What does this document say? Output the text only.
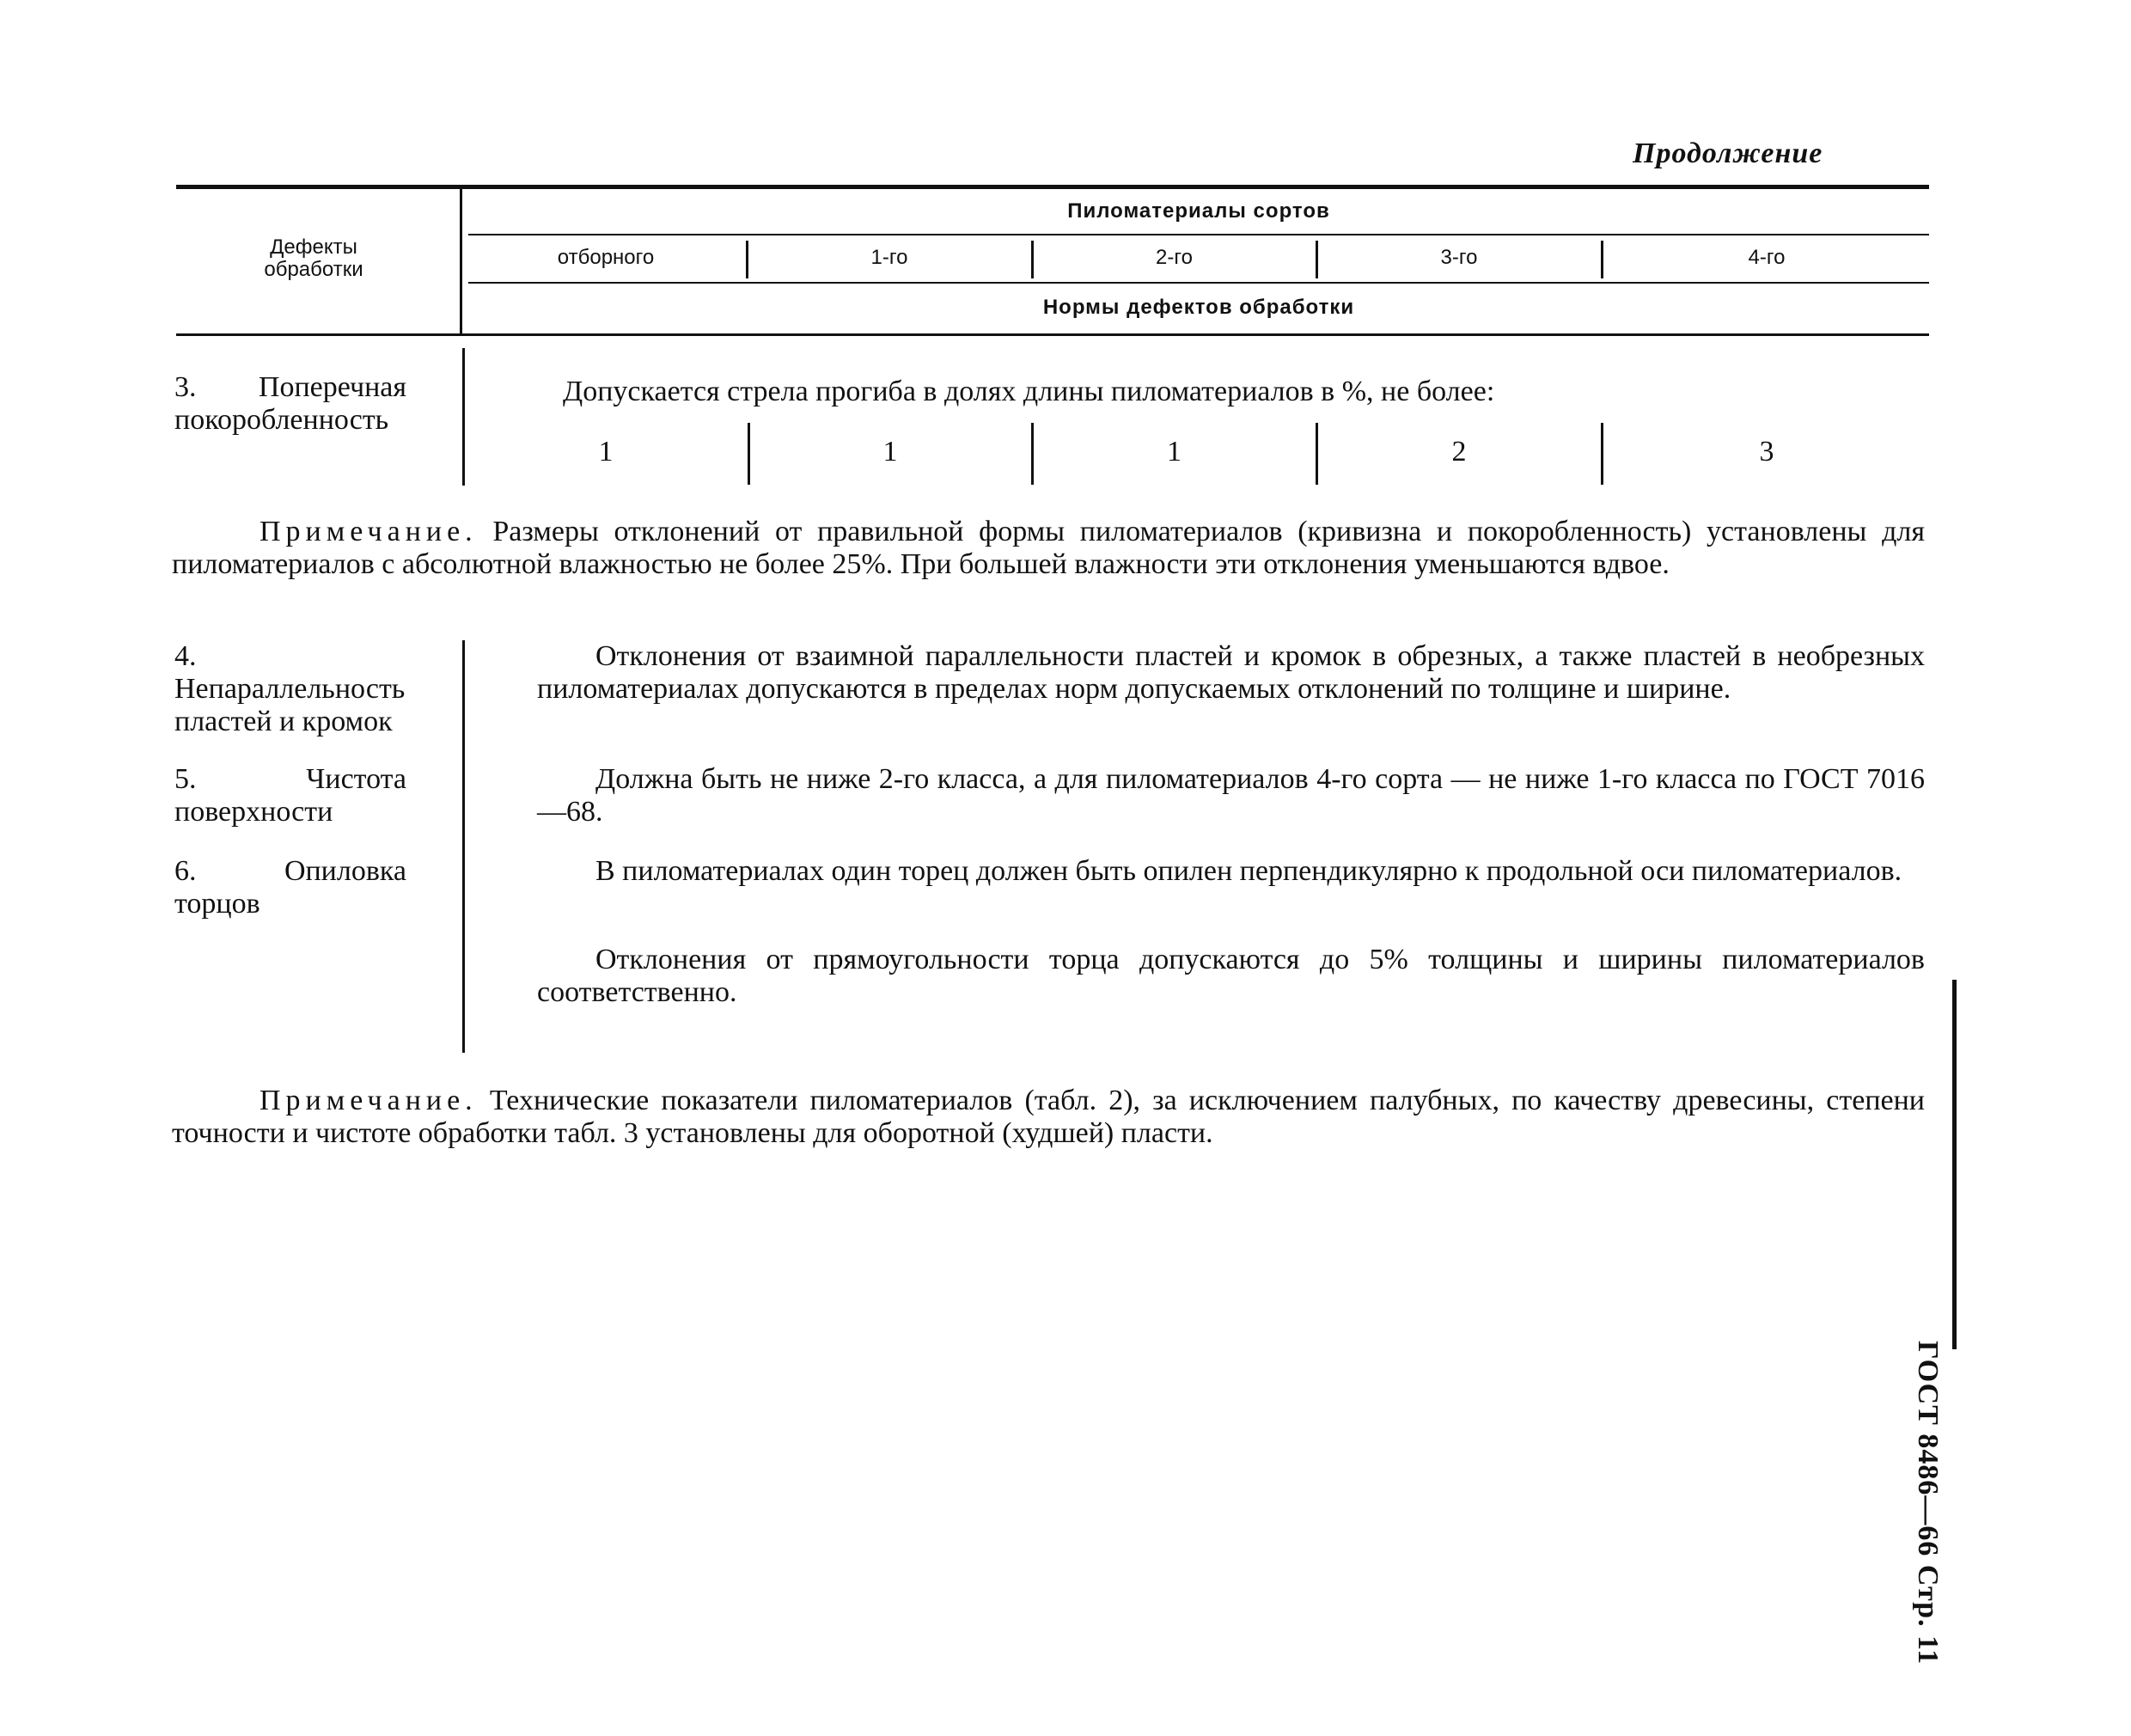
Продолжение
Дефекты обработки
Пиломатериалы сортов
отборного	1-го	2-го	3-го	4-го
Нормы дефектов обработки
3. Поперечная покоробленность
Допускается стрела прогиба в долях длины пиломатериалов в %, не более:
1	1	1	2	3
Примечание. Размеры отклонений от правильной формы пиломатериалов (кривизна и покоробленность) установлены для пиломатериалов с абсолютной влажностью не более 25%. При большей влажности эти отклонения уменьшаются вдвое.
4. Непараллельность пластей и кромок
Отклонения от взаимной параллельности пластей и кромок в обрезных, а также пластей в необрезных пиломатериалах допускаются в пределах норм допускаемых отклонений по толщине и ширине.
5. Чистота поверхности
Должна быть не ниже 2-го класса, а для пиломатериалов 4-го сорта — не ниже 1-го класса по ГОСТ 7016—68.
6. Опиловка торцов
В пиломатериалах один торец должен быть опилен перпендикулярно к продольной оси пиломатериалов.
Отклонения от прямоугольности торца допускаются до 5% толщины и ширины пиломатериалов соответственно.
Примечание. Технические показатели пиломатериалов (табл. 2), за исключением палубных, по качеству древесины, степени точности и чистоте обработки табл. 3 установлены для оборотной (худшей) пласти.
ГОСТ 8486—66 Стр. 11
